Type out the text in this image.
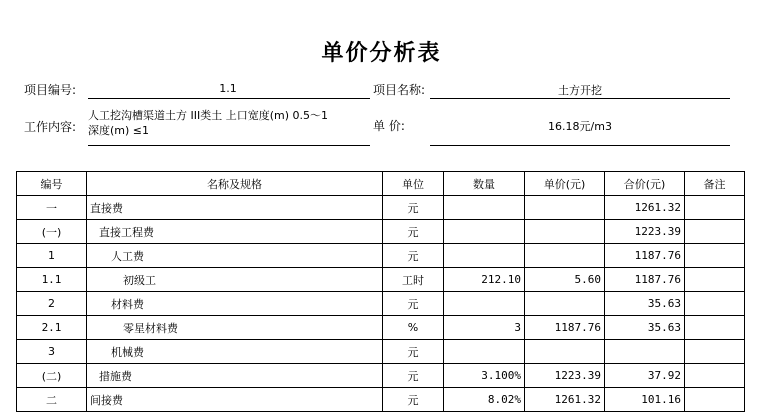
单价分析表
项目编号:	1.1	项目名称:	土方开挖
工作内容:
人工挖沟槽渠道土方 III类土 上口宽度(m) 0.5～1
深度(m) ≤1	单 价:	16.18元/m3
编号	名称及规格	单位	数量	单价(元)	合价(元)	备注
一	直接费	元			1261.32	
(一)	直接工程费	元			1223.39	
1	人工费	元			1187.76	
1.1	初级工	工时	212.10	5.60	1187.76	
2	材料费	元			35.63	
2.1	零星材料费	%	3	1187.76	35.63	
3	机械费	元				
(二)	措施费	元	3.100%	1223.39	37.92	
二	间接费	元	8.02%	1261.32	101.16	
